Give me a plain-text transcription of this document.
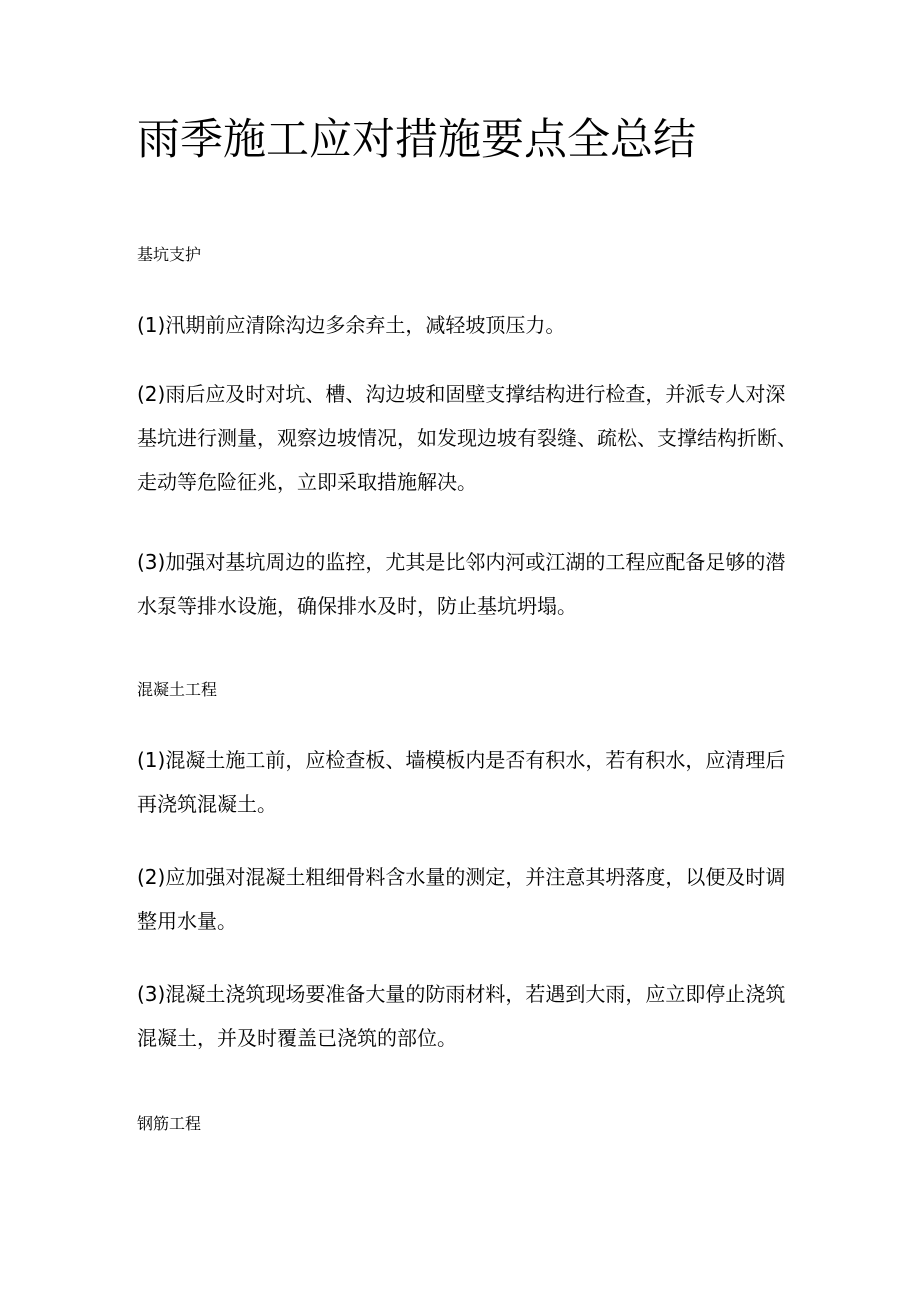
雨季施工应对措施要点全总结
基坑支护
(1)汛期前应清除沟边多余弃土，减轻坡顶压力。
(2)雨后应及时对坑、槽、沟边坡和固壁支撑结构进行检查，并派专人对深
基坑进行测量，观察边坡情况，如发现边坡有裂缝、疏松、支撑结构折断、
走动等危险征兆，立即采取措施解决。
(3)加强对基坑周边的监控，尤其是比邻内河或江湖的工程应配备足够的潜
水泵等排水设施，确保排水及时，防止基坑坍塌。
混凝土工程
(1)混凝土施工前，应检查板、墙模板内是否有积水，若有积水，应清理后
再浇筑混凝土。
(2)应加强对混凝土粗细骨料含水量的测定，并注意其坍落度，以便及时调
整用水量。
(3)混凝土浇筑现场要准备大量的防雨材料，若遇到大雨，应立即停止浇筑
混凝土，并及时覆盖已浇筑的部位。
钢筋工程
